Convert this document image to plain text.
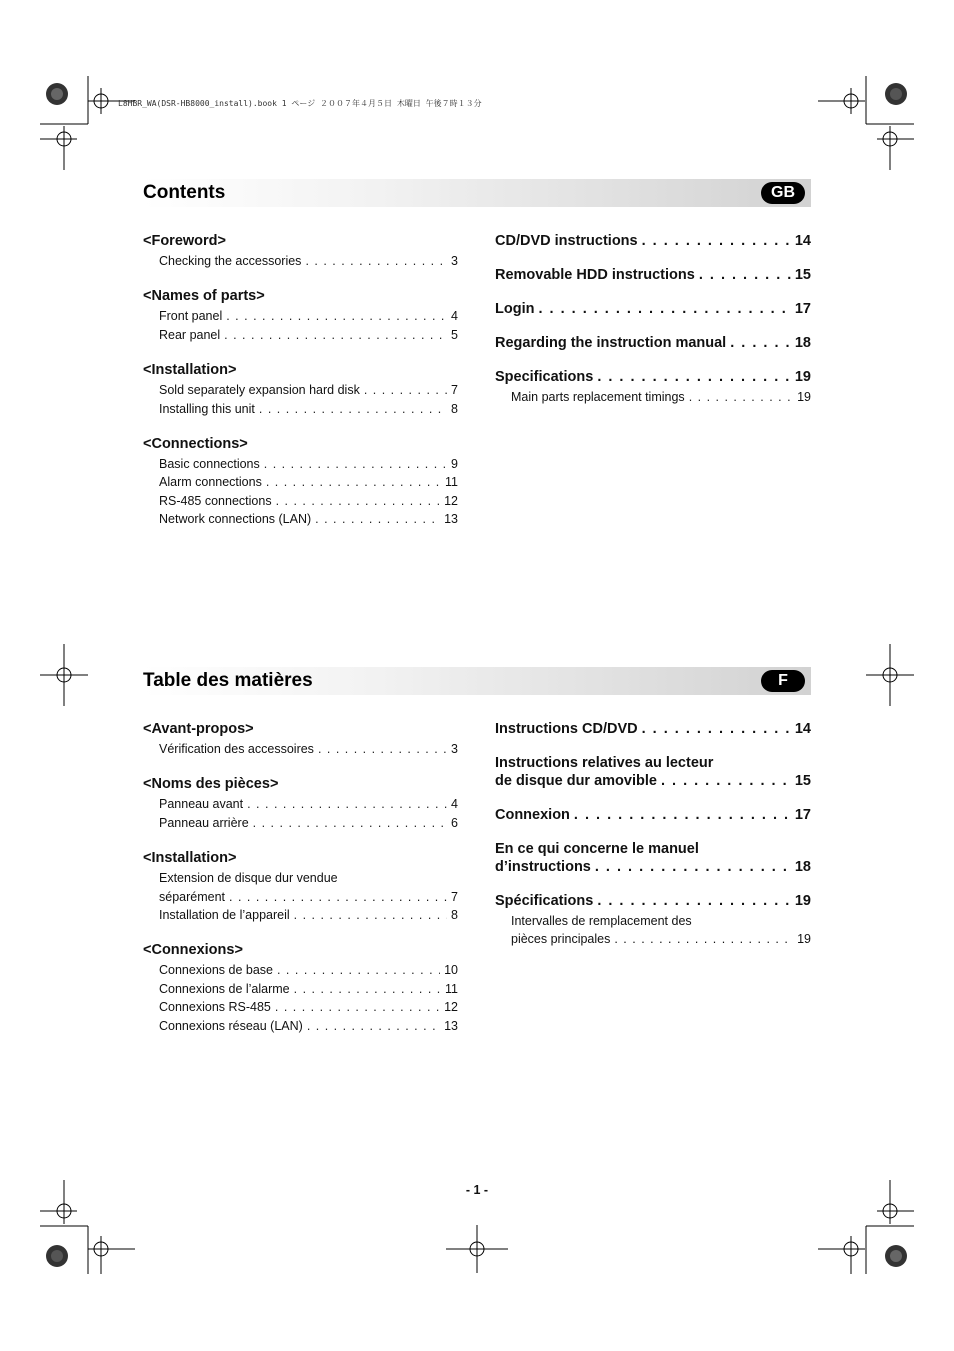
L8HBR_WA(DSR-HB8000_install).book 1 ページ ２００７年４月５日 木曜日 午後７時１３分
Contents	GB
<Foreword>
Checking the accessories . . .	3
<Names of parts>
Front panel . . .	4
Rear panel . . .	5
<Installation>
Sold separately expansion hard disk . . .	7
Installing this unit . . .	8
<Connections>
Basic connections . . .	9
Alarm connections . . .	11
RS-485 connections . . .	12
Network connections (LAN) . . .	13
CD/DVD instructions . . .	14
Removable HDD instructions . . .	15
Login . . .	17
Regarding the instruction manual . . .	18
Specifications . . .	19
Main parts replacement timings . . .	19
Table des matières	F
<Avant-propos>
Vérification des accessoires . . .	3
<Noms des pièces>
Panneau avant . . .	4
Panneau arrière . . .	6
<Installation>
Extension de disque dur vendue
séparément . . .	7
Installation de l’appareil . . .	8
<Connexions>
Connexions de base . . .	10
Connexions de l’alarme . . .	11
Connexions RS-485 . . .	12
Connexions réseau (LAN) . . .	13
Instructions CD/DVD . . .	14
Instructions relatives au lecteur
de disque dur amovible . . .	15
Connexion . . .	17
En ce qui concerne le manuel
d’instructions . . .	18
Spécifications . . .	19
Intervalles de remplacement des
pièces principales . . .	19
- 1 -
